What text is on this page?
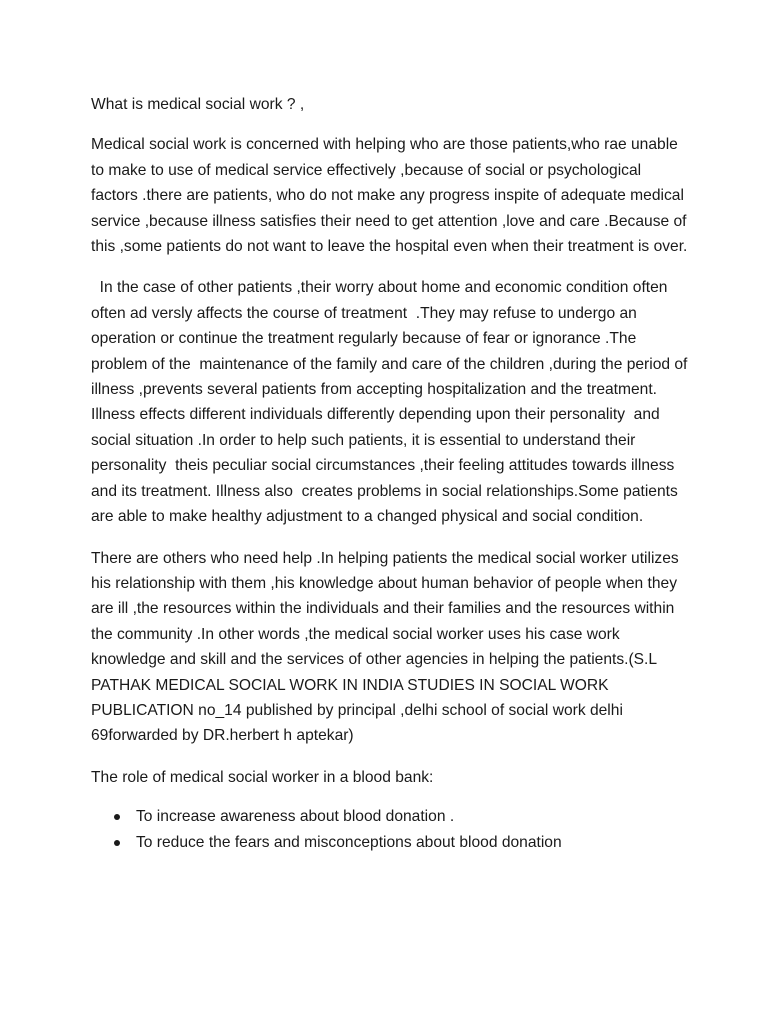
What is medical social work ? ,

Medical social work is concerned with helping who are those patients,who rae unable to make to use of medical service effectively ,because of social or psychological factors .there are patients, who do not make any progress inspite of adequate medical service ,because illness satisfies their need to get attention ,love and care .Because of this ,some patients do not want to leave the hospital even when their treatment is over.

In the case of other patients ,their worry about home and economic condition often often ad versly affects the course of treatment  .They may refuse to undergo an operation or continue the treatment regularly because of fear or ignorance .The problem of the  maintenance of the family and care of the children ,during the period of illness ,prevents several patients from accepting hospitalization and the treatment. Illness effects different individuals differently depending upon their personality  and social situation .In order to help such patients, it is essential to understand their personality  theis peculiar social circumstances ,their feeling attitudes towards illness and its treatment. Illness also  creates problems in social relationships.Some patients are able to make healthy adjustment to a changed physical and social condition.

There are others who need help .In helping patients the medical social worker utilizes his relationship with them ,his knowledge about human behavior of people when they are ill ,the resources within the individuals and their families and the resources within the community .In other words ,the medical social worker uses his case work knowledge and skill and the services of other agencies in helping the patients.(S.L PATHAK MEDICAL SOCIAL WORK IN INDIA STUDIES IN SOCIAL WORK PUBLICATION no_14 published by principal ,delhi school of social work delhi 69forwarded by DR.herbert h aptekar)

The role of medical social worker in a blood bank:

To increase awareness about blood donation .
To reduce the fears and misconceptions about blood donation
